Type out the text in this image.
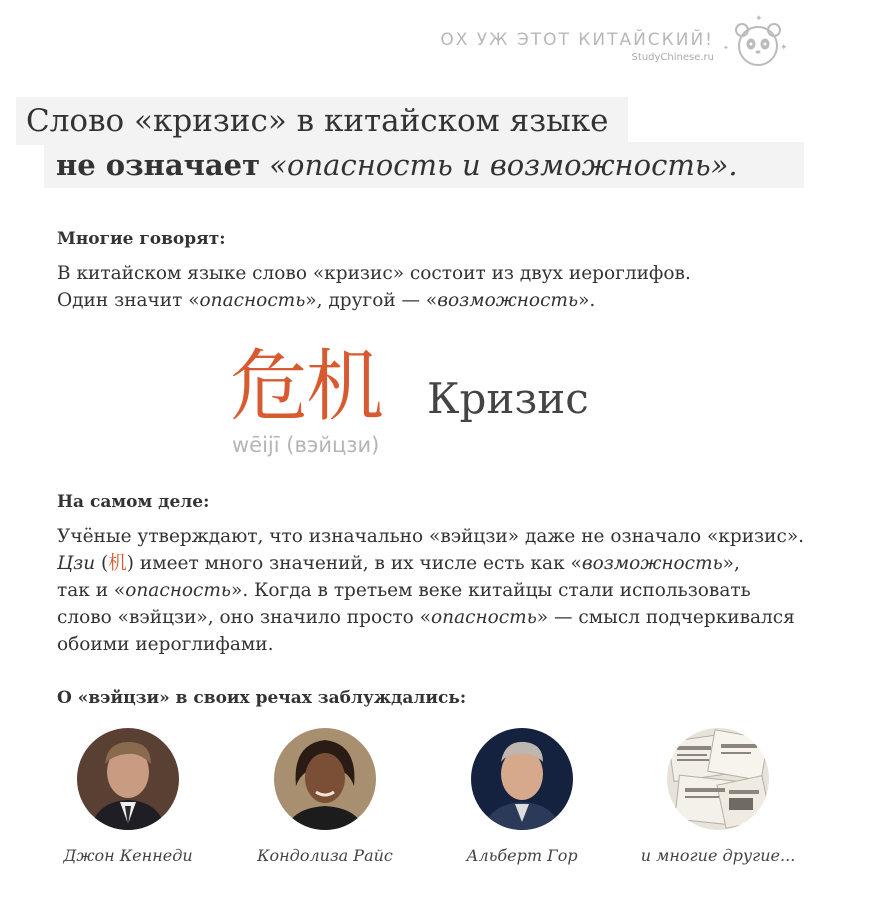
ОХ УЖ ЭТОТ КИТАЙСКИЙ!
StudyChinese.ru
✦
✦
✦
Слово «кризис» в китайском языке
не означает «опасность и возможность».
Многие говорят:
В китайском языке слово «кризис» состоит из двух иероглифов.
Один значит «опасность», другой — «возможность».
危机 Кризис
wēijī (вэйцзи)
На самом деле:
Учёные утверждают, что изначально «вэйцзи» даже не означало «кризис».
Цзи (机) имеет много значений, в их числе есть как «возможность»,
так и «опасность». Когда в третьем веке китайцы стали использовать
слово «вэйцзи», оно значило просто «опасность» — смысл подчеркивался
обоими иероглифами.
О «вэйцзи» в своих речах заблуждались:
Джон Кеннеди	Кондолиза Райс	Альберт Гор	и многие другие...
